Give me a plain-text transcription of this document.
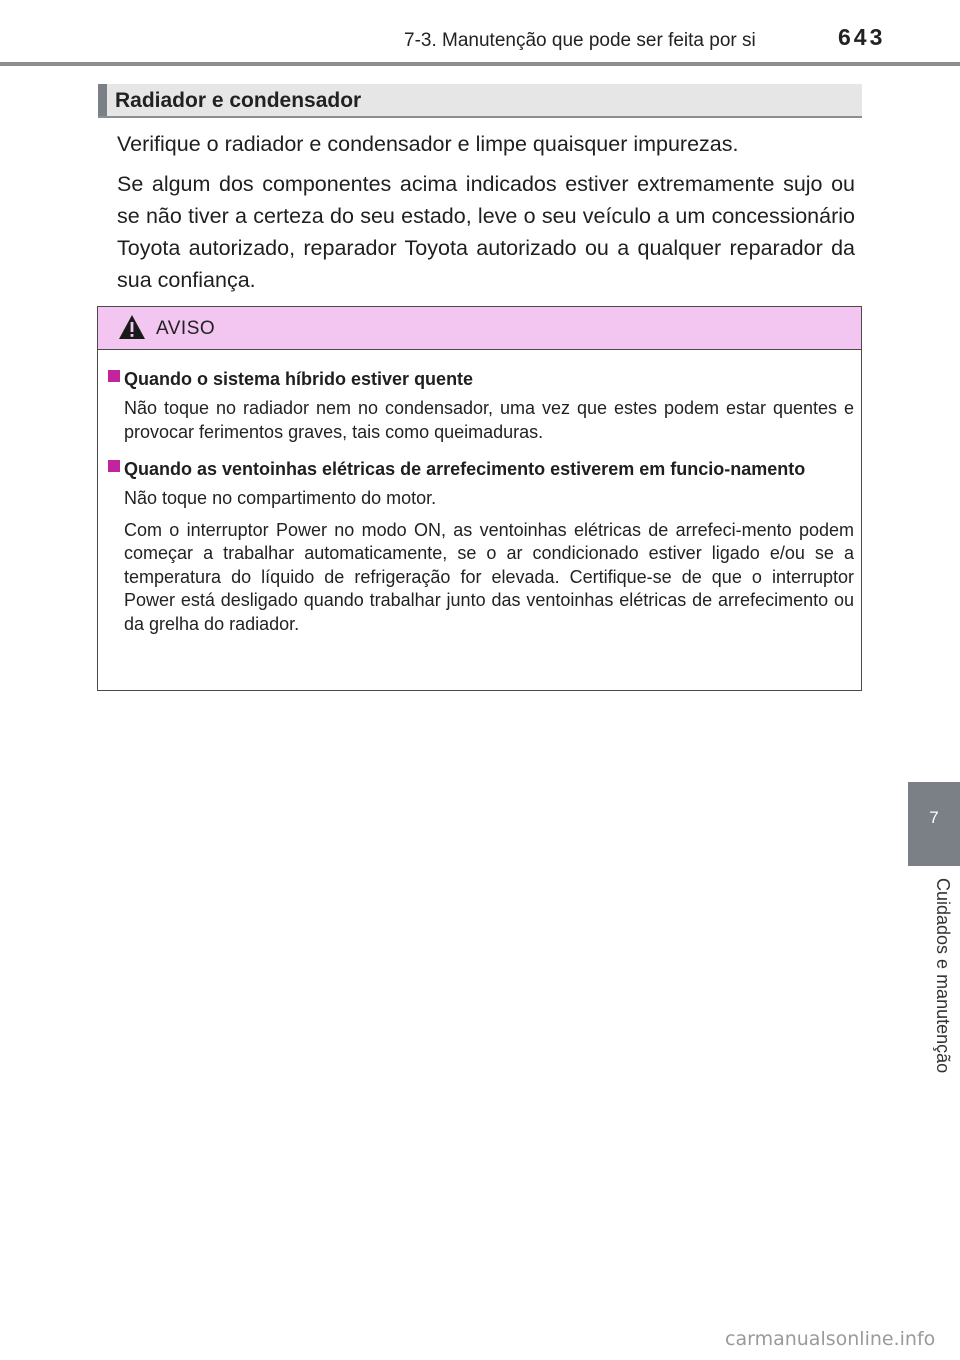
7-3. Manutenção que pode ser feita por si	643
Radiador e condensador

Verifique o radiador e condensador e limpe quaisquer impurezas.

Se algum dos componentes acima indicados estiver extremamente sujo ou se não tiver a certeza do seu estado, leve o seu veículo a um concessionário Toyota autorizado, reparador Toyota autorizado ou a qualquer reparador da sua confiança.

AVISO
Quando o sistema híbrido estiver quente
Não toque no radiador nem no condensador, uma vez que estes podem estar quentes e provocar ferimentos graves, tais como queimaduras.
Quando as ventoinhas elétricas de arrefecimento estiverem em funcio-namento
Não toque no compartimento do motor.
Com o interruptor Power no modo ON, as ventoinhas elétricas de arrefeci-mento podem começar a trabalhar automaticamente, se o ar condicionado estiver ligado e/ou se a temperatura do líquido de refrigeração for elevada. Certifique-se de que o interruptor Power está desligado quando trabalhar junto das ventoinhas elétricas de arrefecimento ou da grelha do radiador.
7
Cuidados e manutenção
carmanualsonline.info
